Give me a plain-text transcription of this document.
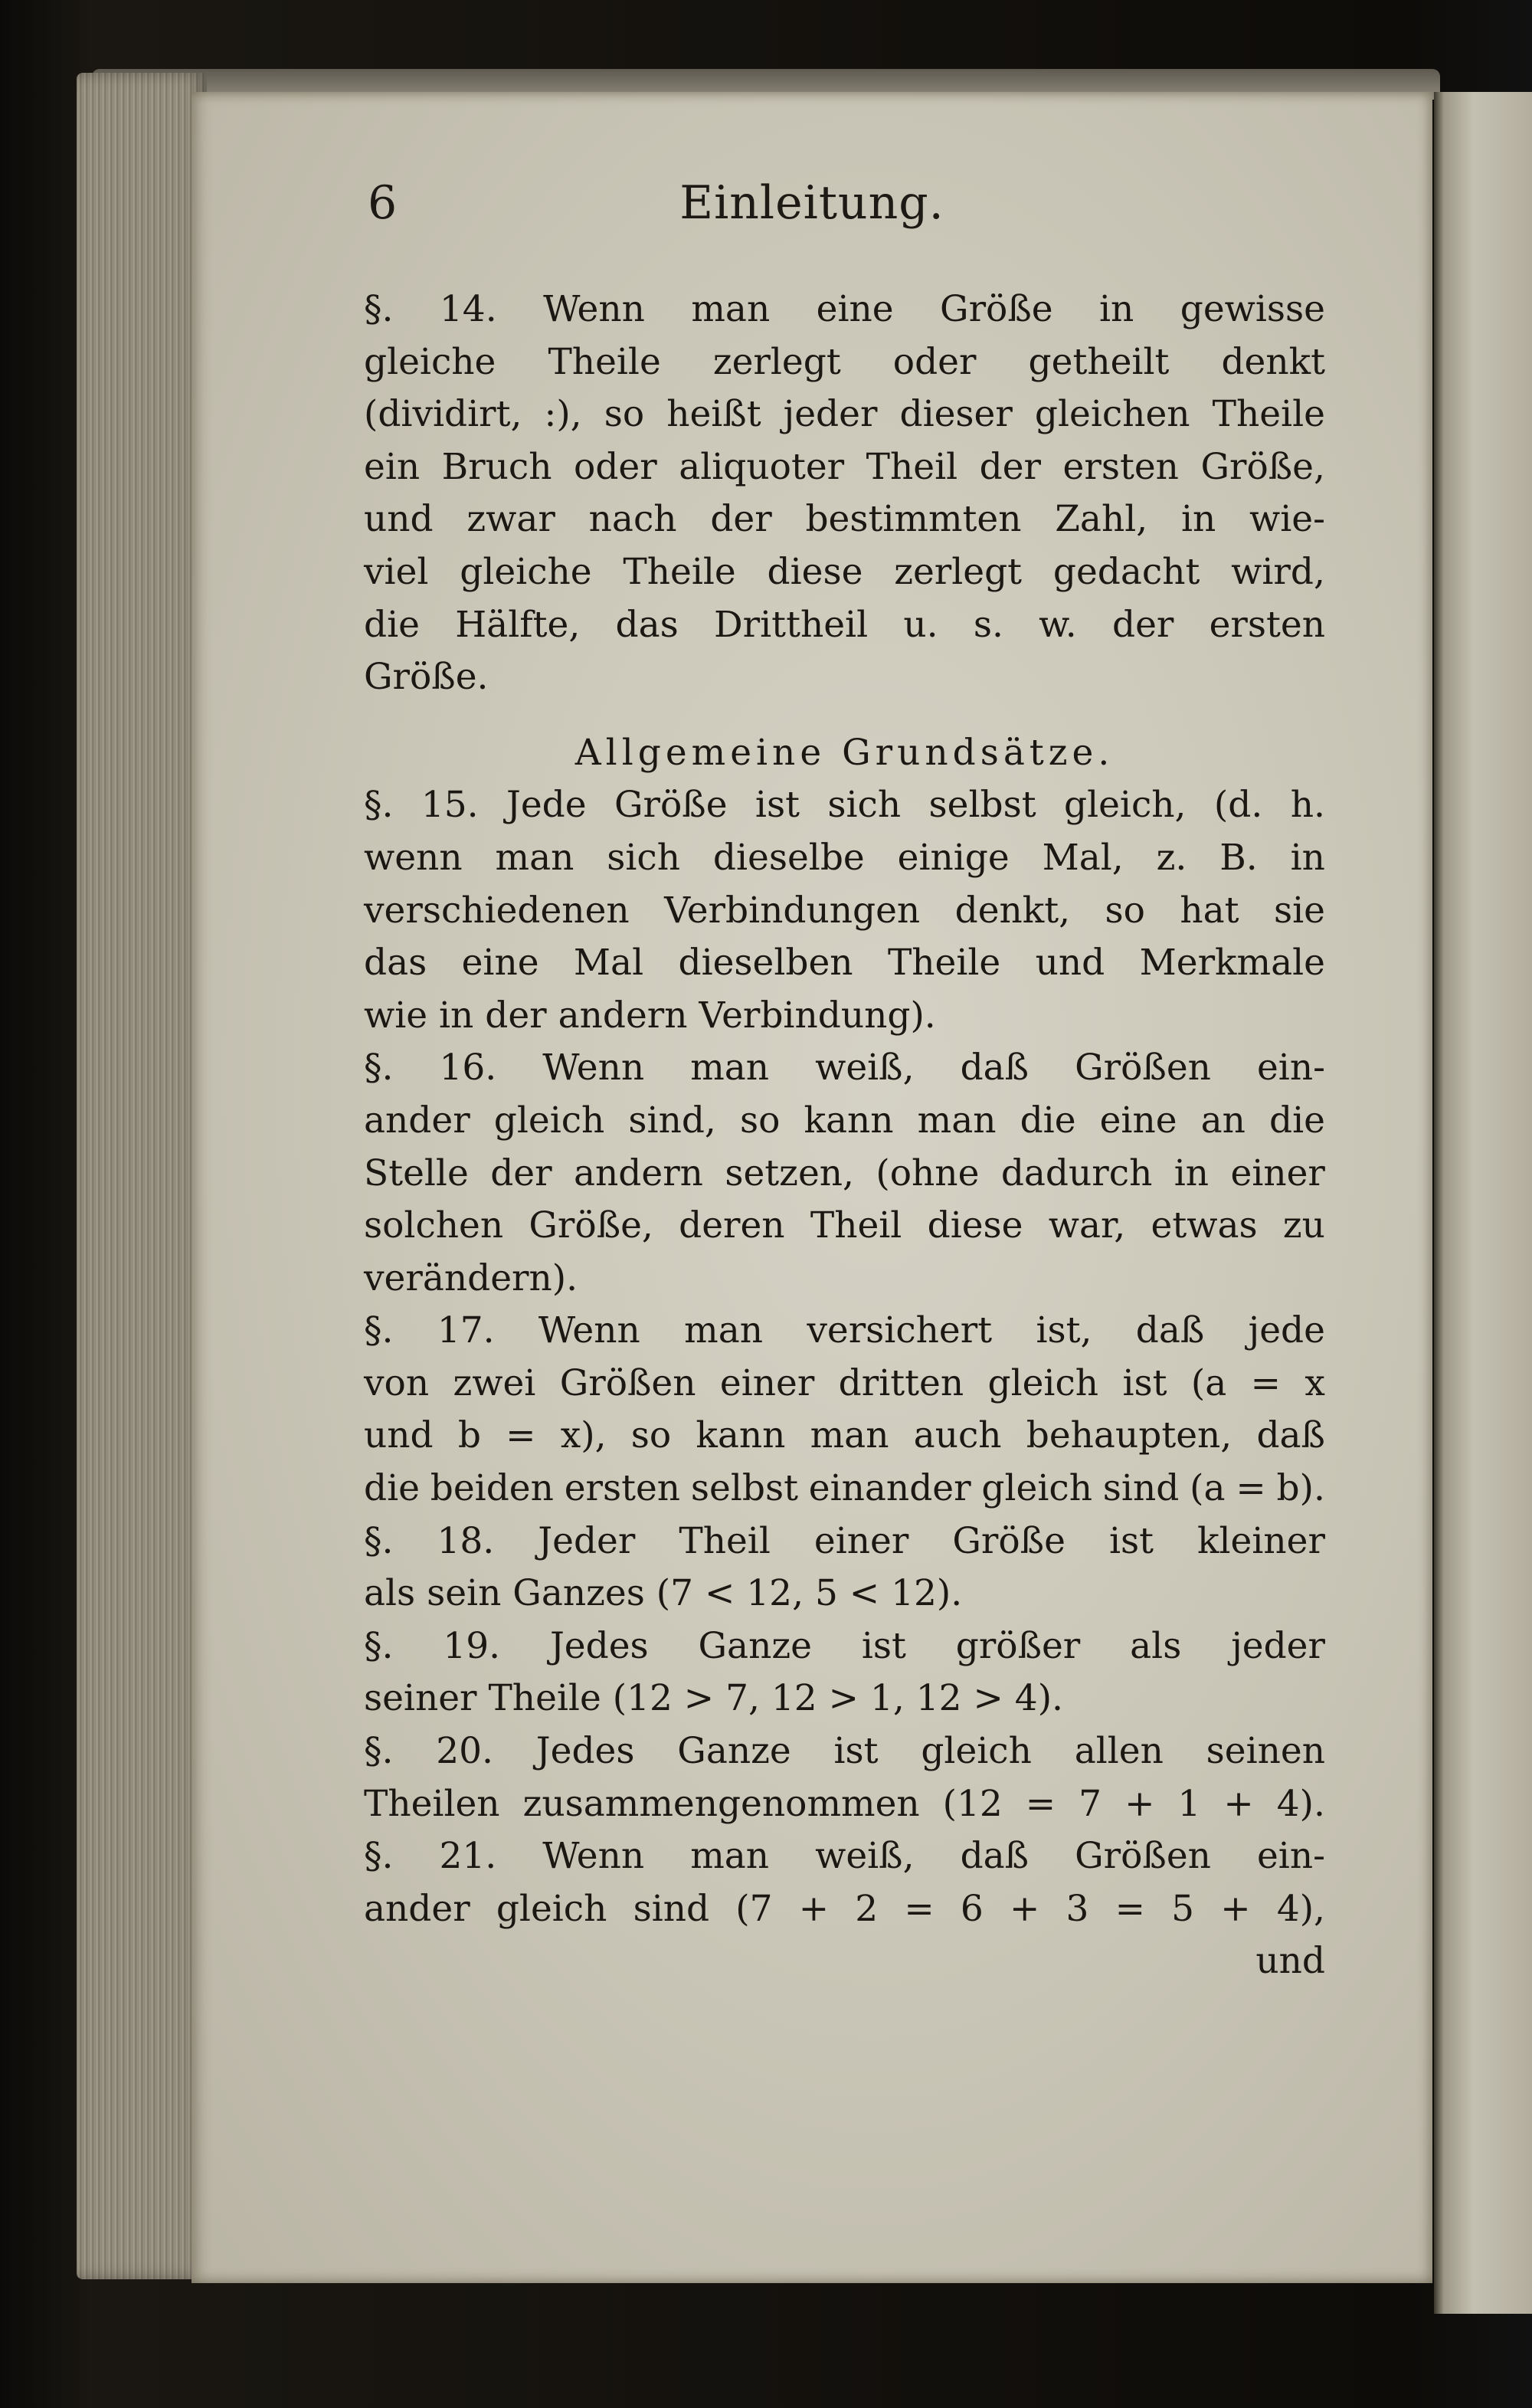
Einleitung.
6
§. 14. Wenn man eine Größe in gewisse
gleiche Theile zerlegt oder getheilt denkt
(dividirt, :), so heißt jeder dieser gleichen Theile
ein Bruch oder aliquoter Theil der ersten Größe,
und zwar nach der bestimmten Zahl, in wie-
viel gleiche Theile diese zerlegt gedacht wird,
die Hälfte, das Drittheil u. s. w. der ersten
Größe.
Allgemeine Grundsätze.
§. 15. Jede Größe ist sich selbst gleich, (d. h.
wenn man sich dieselbe einige Mal, z. B. in
verschiedenen Verbindungen denkt, so hat sie
das eine Mal dieselben Theile und Merkmale
wie in der andern Verbindung).
§. 16. Wenn man weiß, daß Größen ein-
ander gleich sind, so kann man die eine an die
Stelle der andern setzen, (ohne dadurch in einer
solchen Größe, deren Theil diese war, etwas zu
verändern).
§. 17. Wenn man versichert ist, daß jede
von zwei Größen einer dritten gleich ist (a = x
und b = x), so kann man auch behaupten, daß
die beiden ersten selbst einander gleich sind (a = b).
§. 18. Jeder Theil einer Größe ist kleiner
als sein Ganzes (7 < 12, 5 < 12).
§. 19. Jedes Ganze ist größer als jeder
seiner Theile (12 > 7, 12 > 1, 12 > 4).
§. 20. Jedes Ganze ist gleich allen seinen
Theilen zusammengenommen (12 = 7 + 1 + 4).
§. 21. Wenn man weiß, daß Größen ein-
ander gleich sind (7 + 2 = 6 + 3 = 5 + 4),
und
